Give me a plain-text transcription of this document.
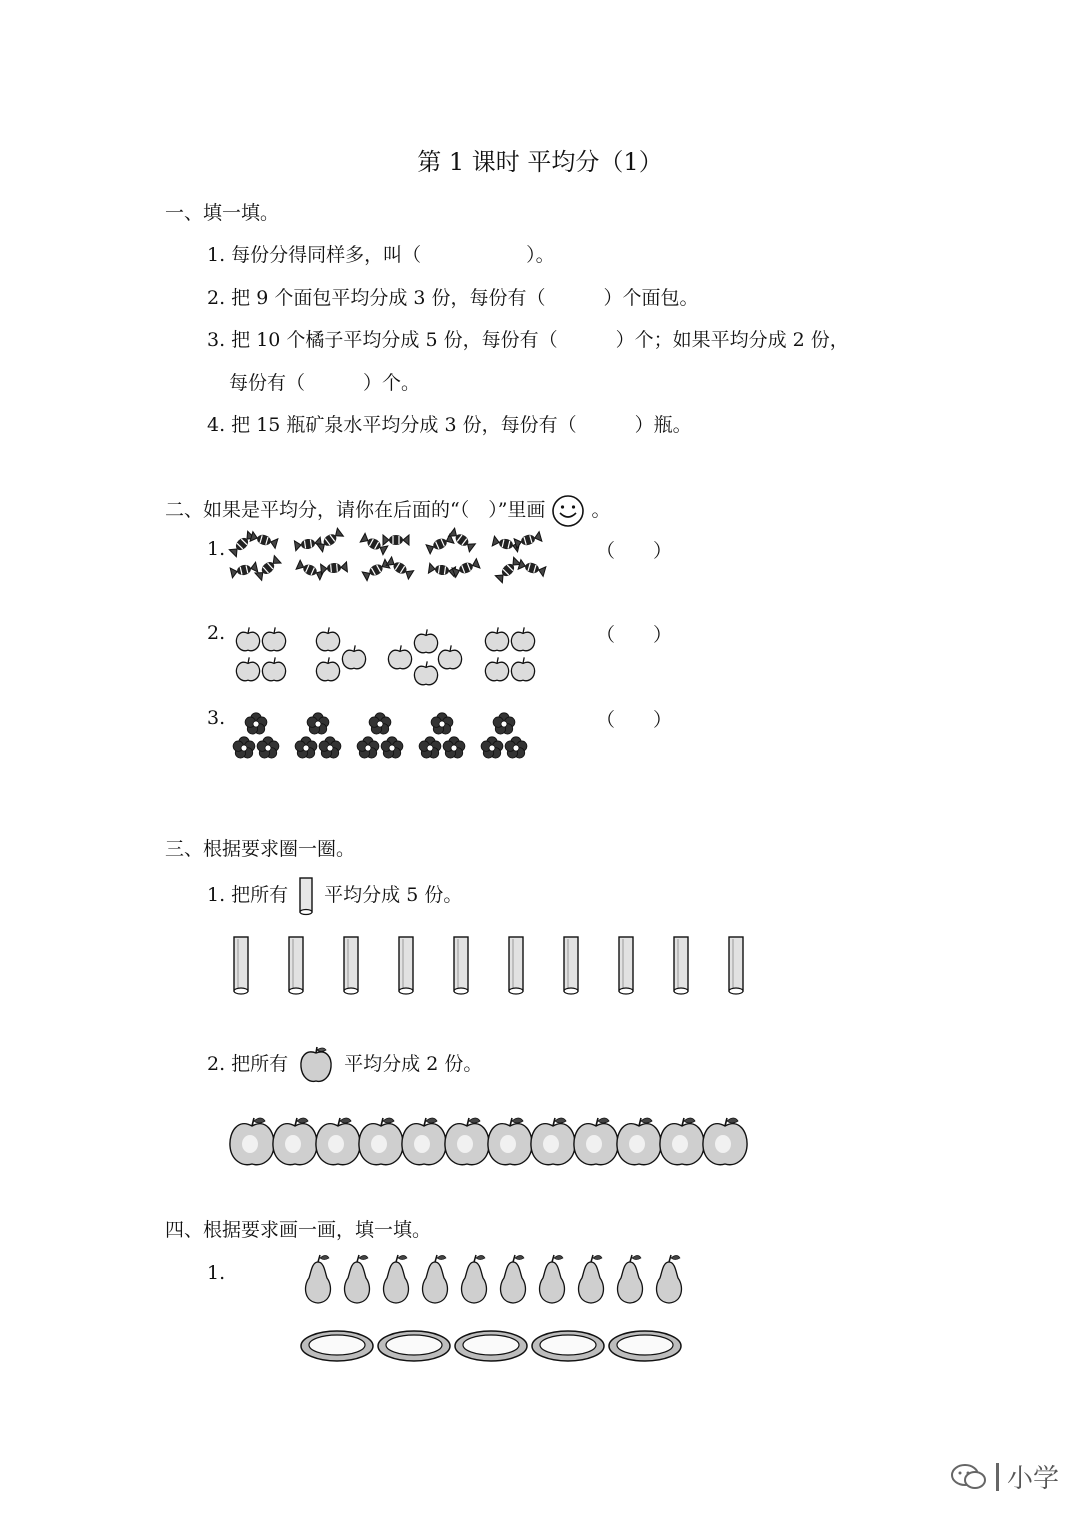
第 1 课时 平均分（1）
一、填一填。
1. 每份分得同样多，叫（	）。
2. 把 9 个面包平均分成 3 份，每份有（	）个面包。
3. 把 10 个橘子平均分成 5 份，每份有（	）个；如果平均分成 2 份，
每份有（	）个。
4. 把 15 瓶矿泉水平均分成 3 份，每份有（	）瓶。
二、如果是平均分，请你在后面的“（　）”里画 。
1.	（　　）
2.	（　　）
3.	（　　）
三、根据要求圈一圈。
1. 把所有 平均分成 5 份。
2. 把所有	平均分成 2 份。
四、根据要求画一画，填一填。
1.
小学
